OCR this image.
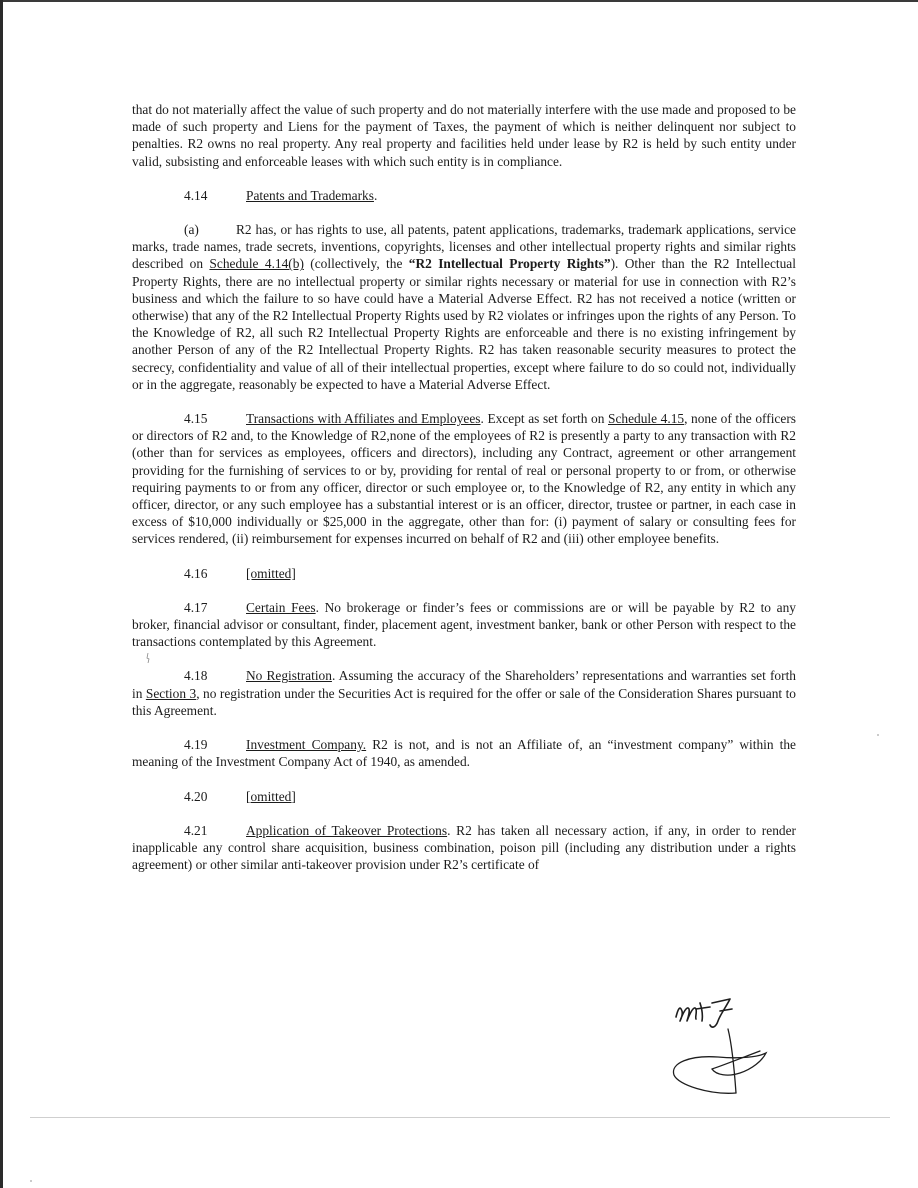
that do not materially affect the value of such property and do not materially interfere with the use made and proposed to be made of such property and Liens for the payment of Taxes, the payment of which is neither delinquent nor subject to penalties. R2 owns no real property. Any real property and facilities held under lease by R2 is held by such entity under valid, subsisting and enforceable leases with which such entity is in compliance.

4.14	Patents and Trademarks.

(a)	R2 has, or has rights to use, all patents, patent applications, trademarks, trademark applications, service marks, trade names, trade secrets, inventions, copyrights, licenses and other intellectual property rights and similar rights described on Schedule 4.14(b) (collectively, the “R2 Intellectual Property Rights”). Other than the R2 Intellectual Property Rights, there are no intellectual property or similar rights necessary or material for use in connection with R2’s business and which the failure to so have could have a Material Adverse Effect. R2 has not received a notice (written or otherwise) that any of the R2 Intellectual Property Rights used by R2 violates or infringes upon the rights of any Person. To the Knowledge of R2, all such R2 Intellectual Property Rights are enforceable and there is no existing infringement by another Person of any of the R2 Intellectual Property Rights. R2 has taken reasonable security measures to protect the secrecy, confidentiality and value of all of their intellectual properties, except where failure to do so could not, individually or in the aggregate, reasonably be expected to have a Material Adverse Effect.

4.15	Transactions with Affiliates and Employees. Except as set forth on Schedule 4.15, none of the officers or directors of R2 and, to the Knowledge of R2,none of the employees of R2 is presently a party to any transaction with R2 (other than for services as employees, officers and directors), including any Contract, agreement or other arrangement providing for the furnishing of services to or by, providing for rental of real or personal property to or from, or otherwise requiring payments to or from any officer, director or such employee or, to the Knowledge of R2, any entity in which any officer, director, or any such employee has a substantial interest or is an officer, director, trustee or partner, in each case in excess of $10,000 individually or $25,000 in the aggregate, other than for: (i) payment of salary or consulting fees for services rendered, (ii) reimbursement for expenses incurred on behalf of R2 and (iii) other employee benefits.

4.16	[omitted]

4.17	Certain Fees. No brokerage or finder’s fees or commissions are or will be payable by R2 to any broker, financial advisor or consultant, finder, placement agent, investment banker, bank or other Person with respect to the transactions contemplated by this Agreement.

4.18	No Registration. Assuming the accuracy of the Shareholders’ representations and warranties set forth in Section 3, no registration under the Securities Act is required for the offer or sale of the Consideration Shares pursuant to this Agreement.

4.19	Investment Company. R2 is not, and is not an Affiliate of, an “investment company” within the meaning of the Investment Company Act of 1940, as amended.

4.20	[omitted]

4.21	Application of Takeover Protections. R2 has taken all necessary action, if any, in order to render inapplicable any control share acquisition, business combination, poison pill (including any distribution under a rights agreement) or other similar anti-takeover provision under R2’s certificate of
